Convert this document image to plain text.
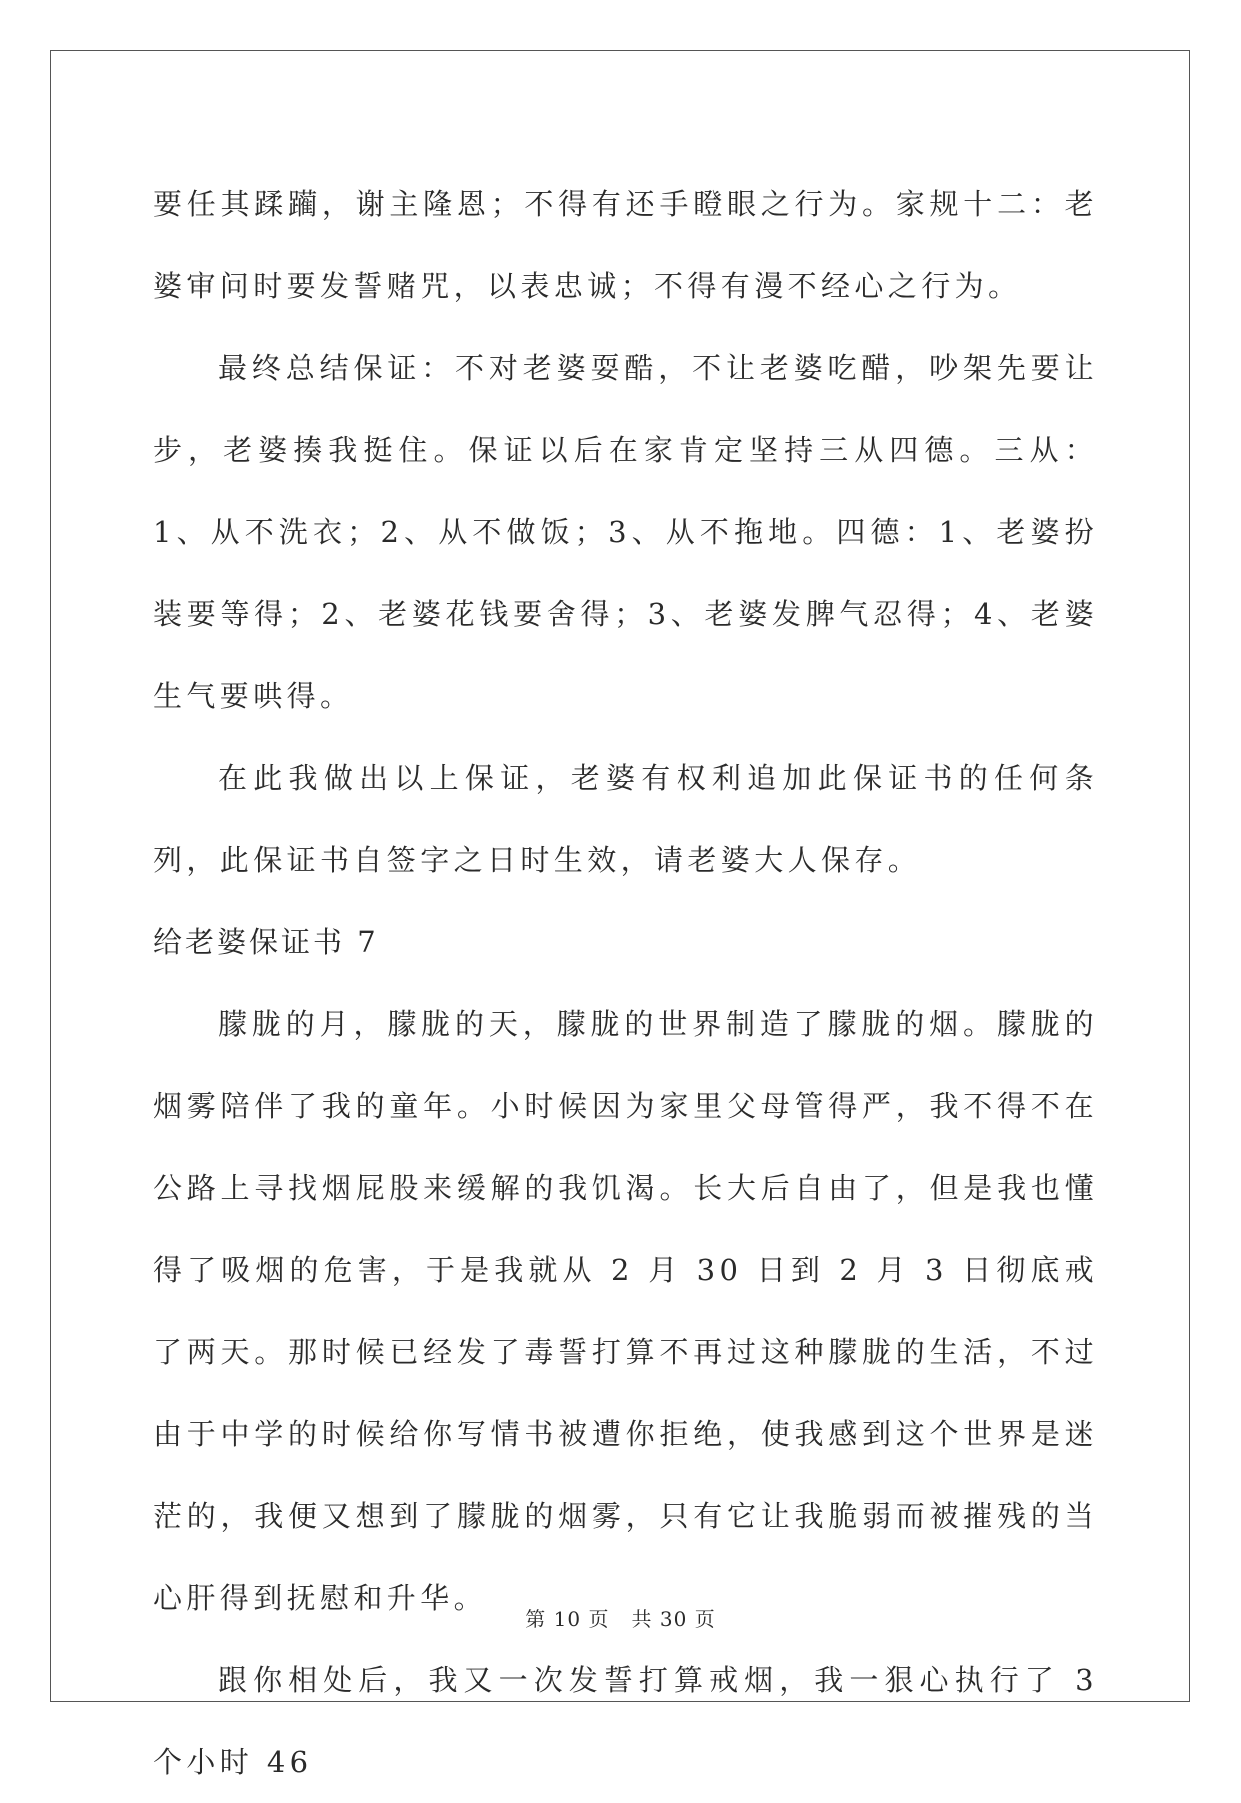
要任其蹂躏，谢主隆恩；不得有还手瞪眼之行为。家规十二：老婆审问时要发誓赌咒，以表忠诚；不得有漫不经心之行为。

最终总结保证：不对老婆耍酷，不让老婆吃醋，吵架先要让步，老婆揍我挺住。保证以后在家肯定坚持三从四德。三从：1、从不洗衣；2、从不做饭；3、从不拖地。四德：1、老婆扮装要等得；2、老婆花钱要舍得；3、老婆发脾气忍得；4、老婆生气要哄得。

在此我做出以上保证，老婆有权利追加此保证书的任何条列，此保证书自签字之日时生效，请老婆大人保存。

给老婆保证书 7

朦胧的月，朦胧的天，朦胧的世界制造了朦胧的烟。朦胧的烟雾陪伴了我的童年。小时候因为家里父母管得严，我不得不在公路上寻找烟屁股来缓解的我饥渴。长大后自由了，但是我也懂得了吸烟的危害，于是我就从 2 月 30 日到 2 月 3 日彻底戒了两天。那时候已经发了毒誓打算不再过这种朦胧的生活，不过由于中学的时候给你写情书被遭你拒绝，使我感到这个世界是迷茫的，我便又想到了朦胧的烟雾，只有它让我脆弱而被摧残的当心肝得到抚慰和升华。

跟你相处后，我又一次发誓打算戒烟，我一狠心执行了 3 个小时 46

第 10 页 共 30 页
